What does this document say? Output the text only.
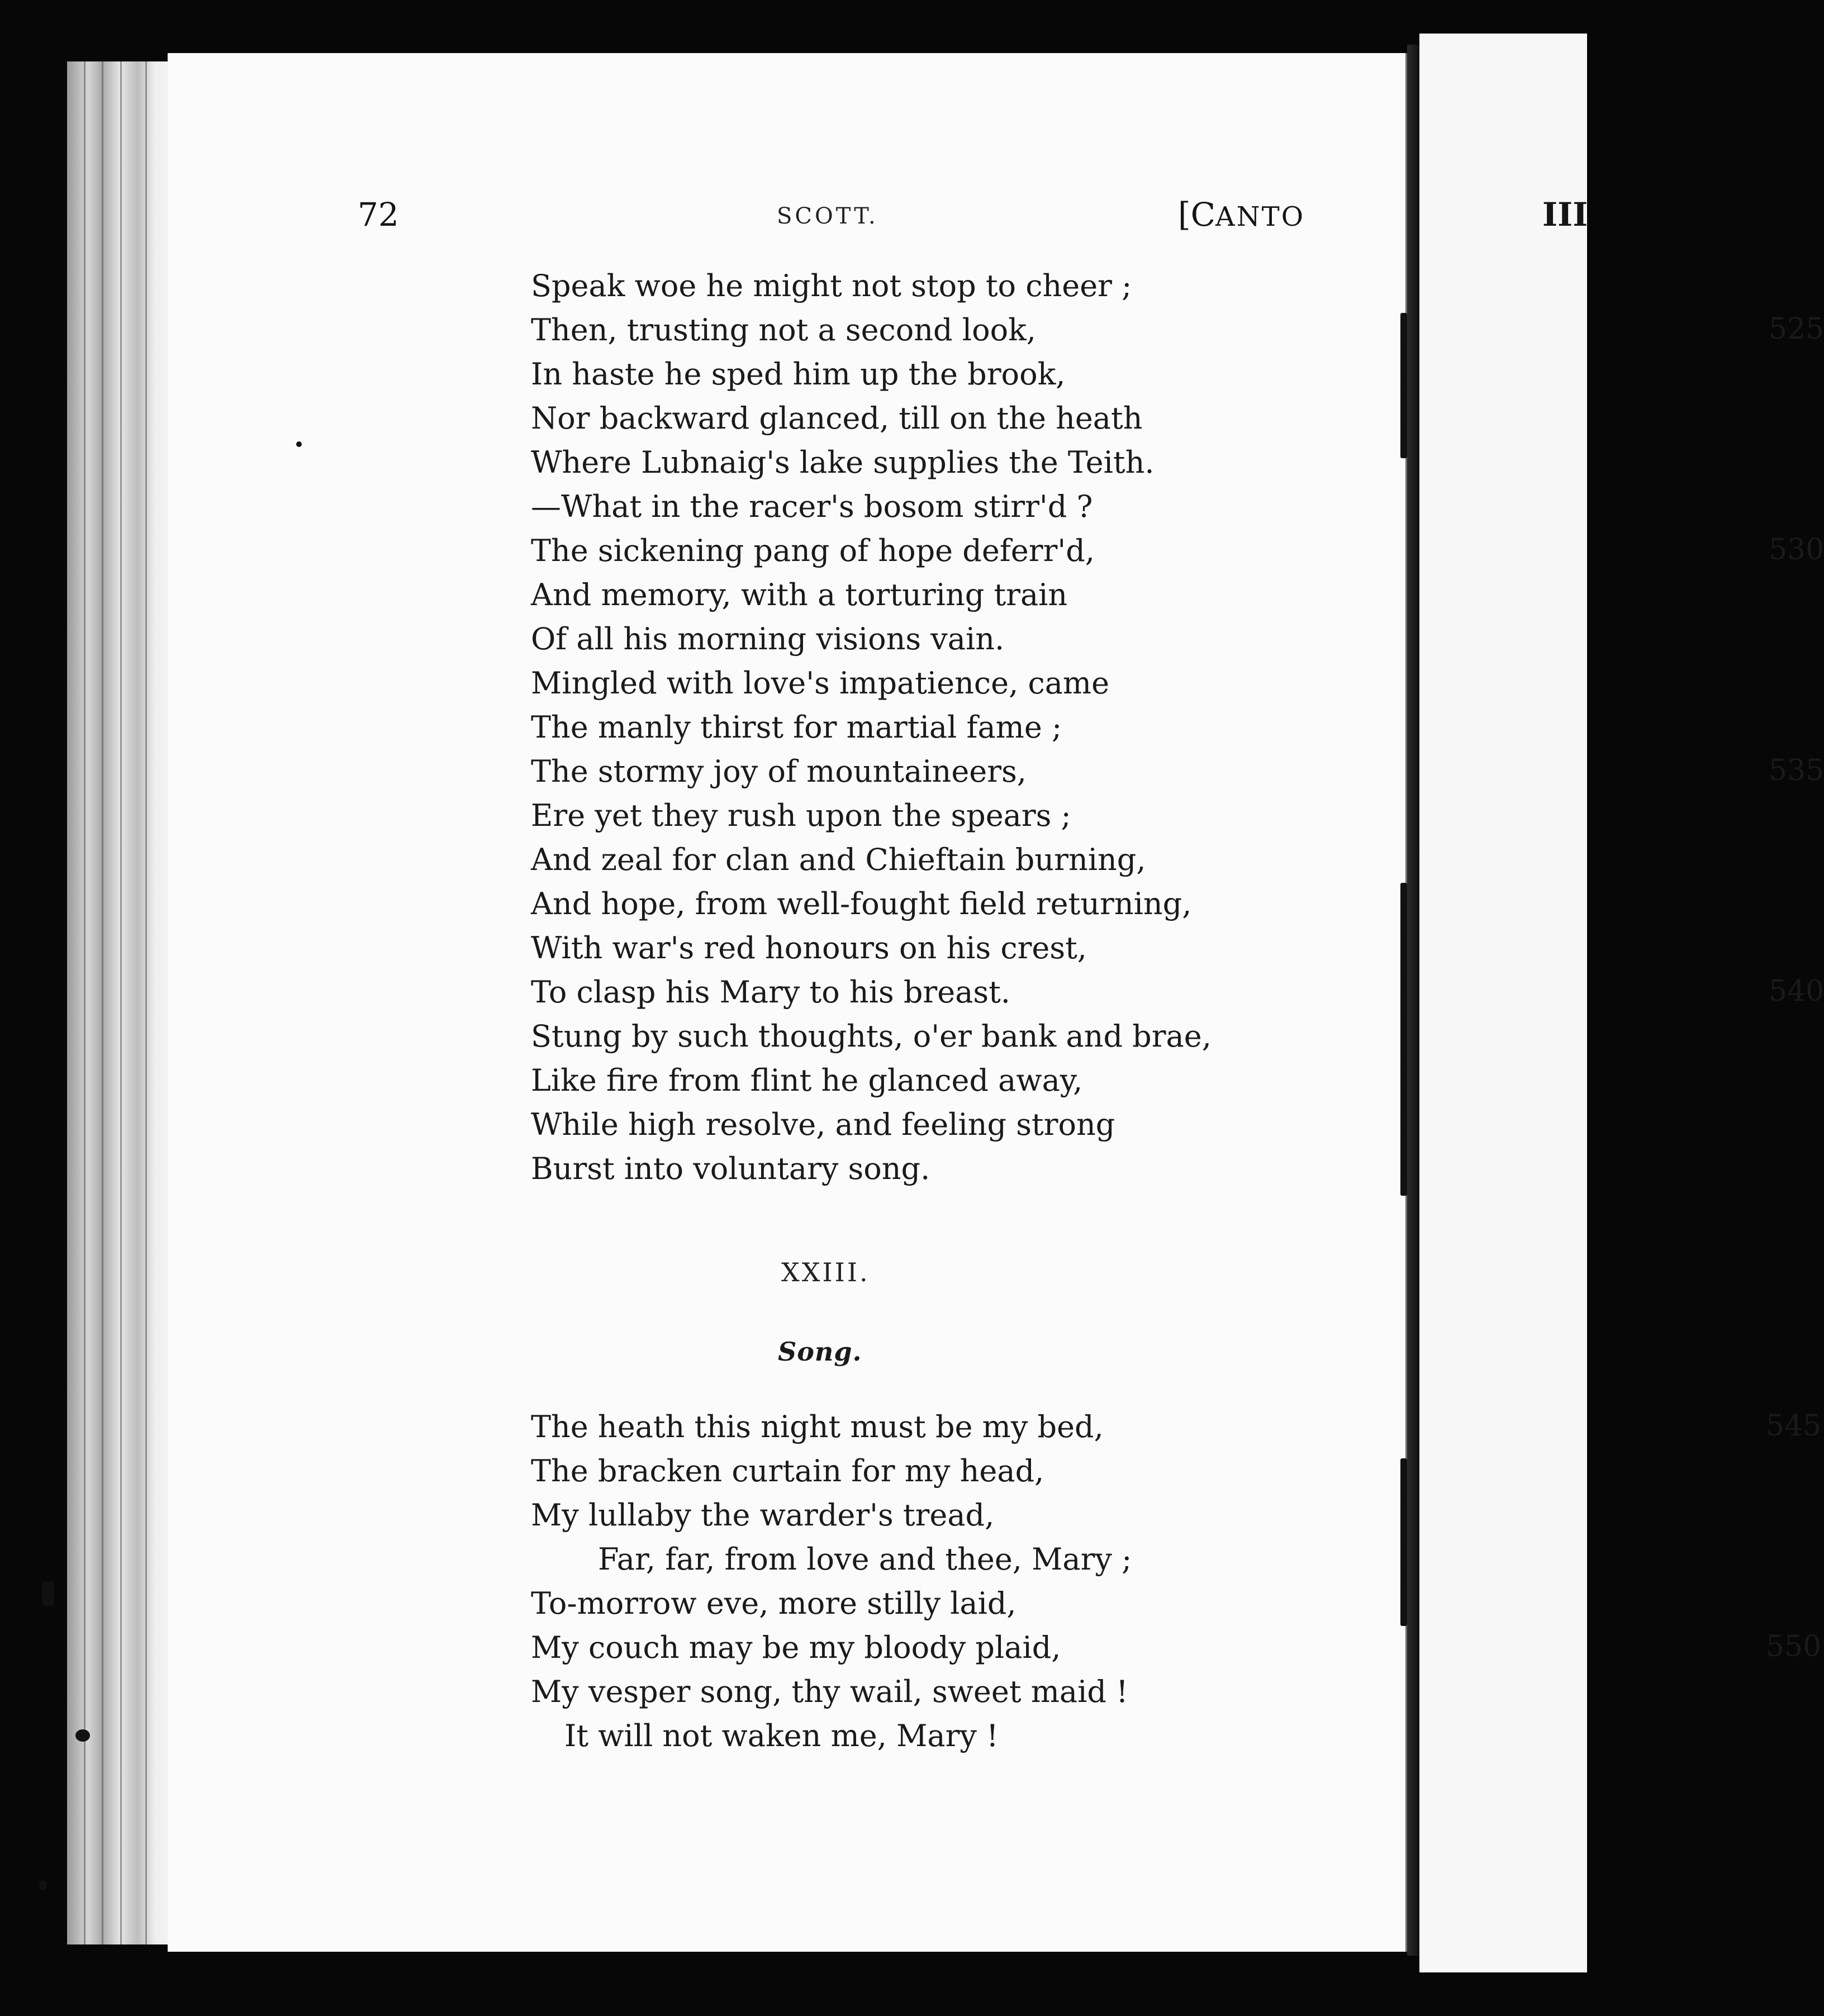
72	SCOTT.	[CANTO	III
Speak woe he might not stop to cheer ;
Then, trusting not a second look,	525
In haste he sped him up the brook,
Nor backward glanced, till on the heath
Where Lubnaig's lake supplies the Teith.
—What in the racer's bosom stirr'd ?
The sickening pang of hope deferr'd,	530
And memory, with a torturing train
Of all his morning visions vain.
Mingled with love's impatience, came
The manly thirst for martial fame ;
The stormy joy of mountaineers,	535
Ere yet they rush upon the spears ;
And zeal for clan and Chieftain burning,
And hope, from well-fought field returning,
With war's red honours on his crest,
To clasp his Mary to his breast.	540
Stung by such thoughts, o'er bank and brae,
Like fire from flint he glanced away,
While high resolve, and feeling strong
Burst into voluntary song.
XXIII.
Song.
The heath this night must be my bed,	545
The bracken curtain for my head,
My lullaby the warder's tread,
Far, far, from love and thee, Mary ;
To-morrow eve, more stilly laid,
My couch may be my bloody plaid,	550
My vesper song, thy wail, sweet maid !
It will not waken me, Mary !
